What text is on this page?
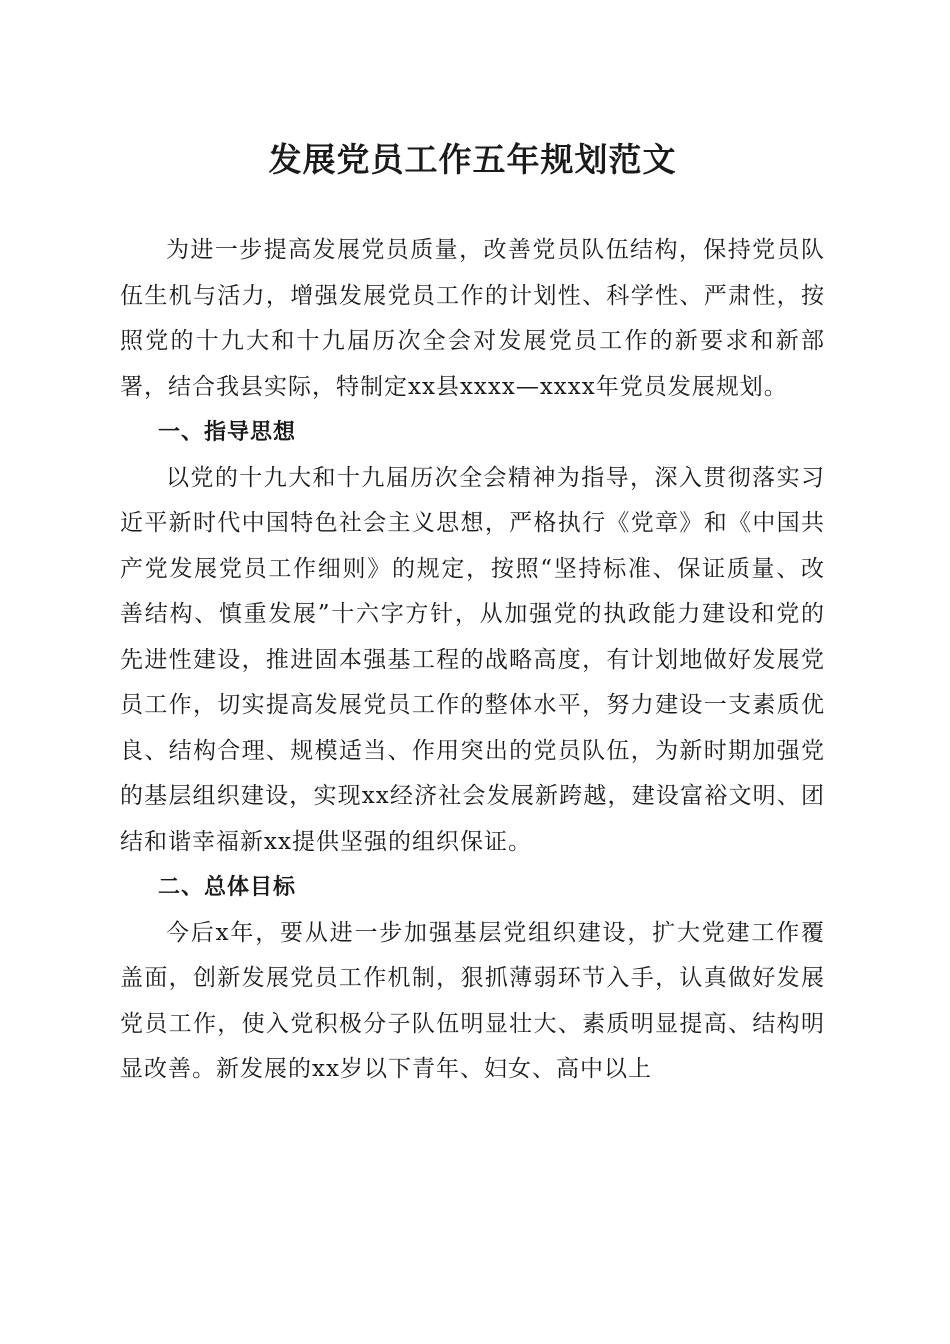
发展党员工作五年规划范文

为进一步提高发展党员质量，改善党员队伍结构，保持党员队伍生机与活力，增强发展党员工作的计划性、科学性、严肃性，按照党的十九大和十九届历次全会对发展党员工作的新要求和新部署，结合我县实际，特制定xx县xxxx—xxxx年党员发展规划。

一、指导思想

以党的十九大和十九届历次全会精神为指导，深入贯彻落实习近平新时代中国特色社会主义思想，严格执行《党章》和《中国共产党发展党员工作细则》的规定，按照“坚持标准、保证质量、改善结构、慎重发展”十六字方针，从加强党的执政能力建设和党的先进性建设，推进固本强基工程的战略高度，有计划地做好发展党员工作，切实提高发展党员工作的整体水平，努力建设一支素质优良、结构合理、规模适当、作用突出的党员队伍，为新时期加强党的基层组织建设，实现xx经济社会发展新跨越，建设富裕文明、团结和谐幸福新xx提供坚强的组织保证。

二、总体目标

今后x年，要从进一步加强基层党组织建设，扩大党建工作覆盖面，创新发展党员工作机制，狠抓薄弱环节入手，认真做好发展党员工作，使入党积极分子队伍明显壮大、素质明显提高、结构明显改善。新发展的xx岁以下青年、妇女、高中以上
